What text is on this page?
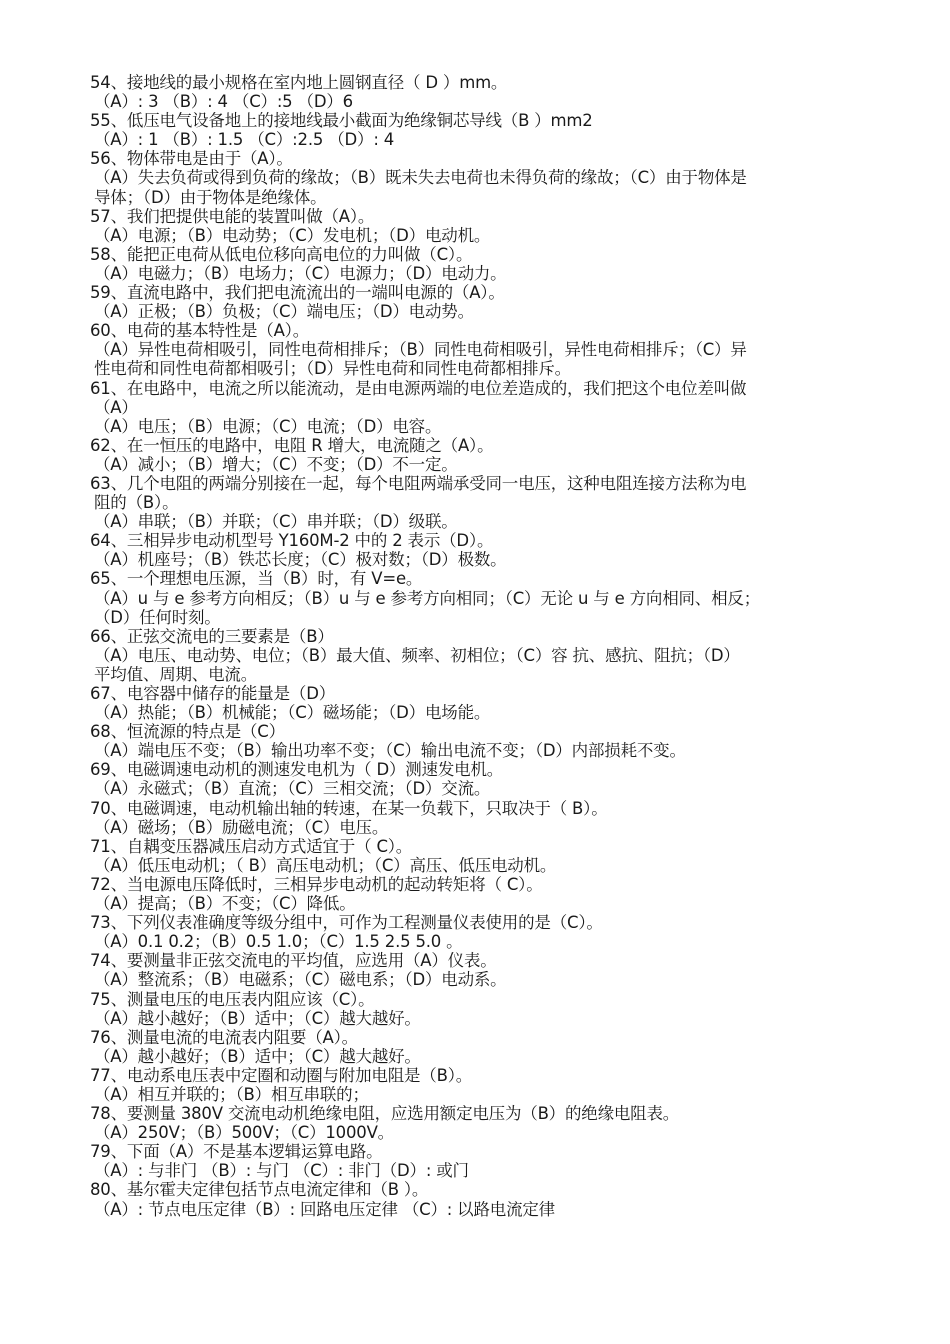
54、接地线的最小规格在室内地上圆钢直径（ D ）mm。
（A）: 3 （B）: 4 （C）:5 （D）6
55、低压电气设备地上的接地线最小截面为绝缘铜芯导线（B ）mm2
（A）: 1 （B）: 1.5 （C）:2.5 （D）: 4
56、物体带电是由于（A）。
（A）失去负荷或得到负荷的缘故；（B）既未失去电荷也未得负荷的缘故；（C）由于物体是
导体；（D）由于物体是绝缘体。
57、我们把提供电能的装置叫做（A）。
（A）电源；（B）电动势；（C）发电机；（D）电动机。
58、能把正电荷从低电位移向高电位的力叫做（C）。
（A）电磁力；（B）电场力；（C）电源力；（D）电动力。
59、直流电路中，我们把电流流出的一端叫电源的（A）。
（A）正极；（B）负极；（C）端电压；（D）电动势。
60、电荷的基本特性是（A）。
（A）异性电荷相吸引，同性电荷相排斥；（B）同性电荷相吸引，异性电荷相排斥；（C）异
性电荷和同性电荷都相吸引；（D）异性电荷和同性电荷都相排斥。
61、在电路中，电流之所以能流动，是由电源两端的电位差造成的，我们把这个电位差叫做
（A）
（A）电压；（B）电源；（C）电流；（D）电容。
62、在一恒压的电路中，电阻 R 增大，电流随之（A）。
（A）减小；（B）增大；（C）不变；（D）不一定。
63、几个电阻的两端分别接在一起，每个电阻两端承受同一电压，这种电阻连接方法称为电
阻的（B）。
（A）串联；（B）并联；（C）串并联；（D）级联。
64、三相异步电动机型号 Y160M-2 中的 2 表示（D）。
（A）机座号；（B）铁芯长度；（C）极对数；（D）极数。
65、一个理想电压源，当（B）时，有 V=e。
（A）u 与 e 参考方向相反；（B）u 与 e 参考方向相同；（C）无论 u 与 e 方向相同、相反；
（D）任何时刻。
66、正弦交流电的三要素是（B）
（A）电压、电动势、电位；（B）最大值、频率、初相位；（C）容 抗、感抗、阻抗；（D）
平均值、周期、电流。
67、电容器中储存的能量是（D）
（A）热能；（B）机械能；（C）磁场能；（D）电场能。
68、恒流源的特点是（C）
（A）端电压不变；（B）输出功率不变；（C）输出电流不变；（D）内部损耗不变。
69、电磁调速电动机的测速发电机为（ D）测速发电机。
（A）永磁式；（B）直流；（C）三相交流；（D）交流。
70、电磁调速，电动机输出轴的转速，在某一负载下，只取决于（ B）。
（A）磁场；（B）励磁电流；（C）电压。
71、自耦变压器减压启动方式适宜于（ C）。
（A）低压电动机；（ B）高压电动机；（C）高压、低压电动机。
72、当电源电压降低时，三相异步电动机的起动转矩将（ C）。
（A）提高；（B）不变；（C）降低。
73、下列仪表准确度等级分组中，可作为工程测量仪表使用的是（C）。
（A）0.1 0.2；（B）0.5 1.0；（C）1.5 2.5 5.0 。
74、要测量非正弦交流电的平均值，应选用（A）仪表。
（A）整流系；（B）电磁系；（C）磁电系；（D）电动系。
75、测量电压的电压表内阻应该（C）。
（A）越小越好；（B）适中；（C）越大越好。
76、测量电流的电流表内阻要（A）。
（A）越小越好；（B）适中；（C）越大越好。
77、电动系电压表中定圈和动圈与附加电阻是（B）。
（A）相互并联的；（B）相互串联的；
78、要测量 380V 交流电动机绝缘电阻，应选用额定电压为（B）的绝缘电阻表。
（A）250V；（B）500V；（C）1000V。
79、下面（A）不是基本逻辑运算电路。
（A）: 与非门 （B）: 与门 （C）: 非门（D）: 或门
80、基尔霍夫定律包括节点电流定律和（B ）。
（A）: 节点电压定律（B）: 回路电压定律 （C）: 以路电流定律
